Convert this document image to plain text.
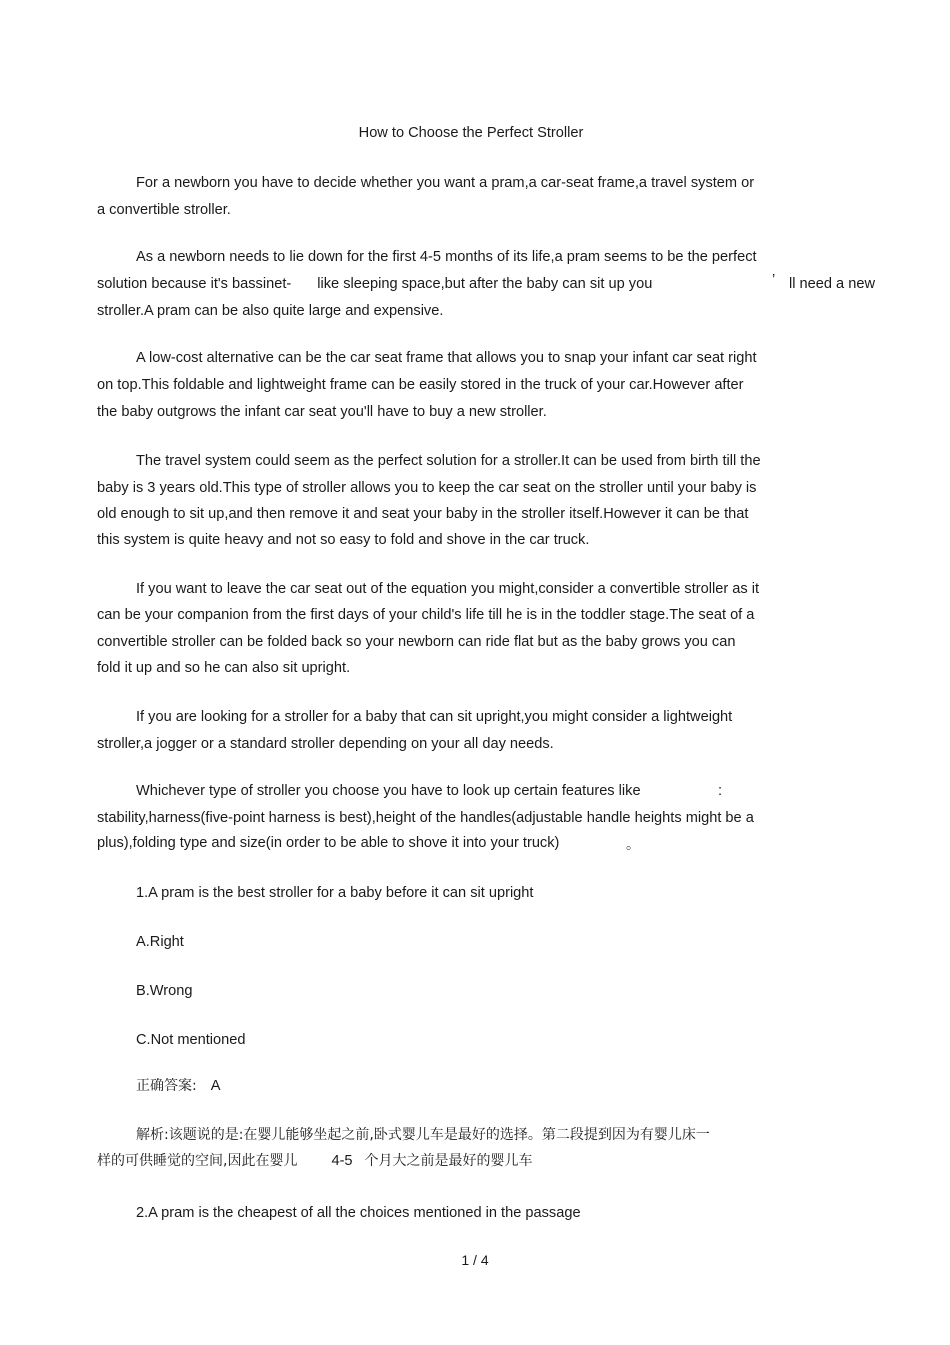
How to Choose the Perfect Stroller
For a newborn you have to decide whether you want a pram,a car-seat frame,a travel system or
a convertible stroller.
As a newborn needs to lie down for the first 4-5 months of its life,a pram seems to be the perfect
solution because it's bassinet- like sleeping space,but after the baby can sit up you	’ ll need a new
stroller.A pram can be also quite large and expensive.
A low-cost alternative can be the car seat frame that allows you to snap your infant car seat right
on top.This foldable and lightweight frame can be easily stored in the truck of your car.However after
the baby outgrows the infant car seat you'll have to buy a new stroller.
The travel system could seem as the perfect solution for a stroller.It can be used from birth till the
baby is 3 years old.This type of stroller allows you to keep the car seat on the stroller until your baby is
old enough to sit up,and then remove it and seat your baby in the stroller itself.However it can be that
this system is quite heavy and not so easy to fold and shove in the car truck.
If you want to leave the car seat out of the equation you might,consider a convertible stroller as it
can be your companion from the first days of your child's life till he is in the toddler stage.The seat of a
convertible stroller can be folded back so your newborn can ride flat but as the baby grows you can
fold it up and so he can also sit upright.
If you are looking for a stroller for a baby that can sit upright,you might consider a lightweight
stroller,a jogger or a standard stroller depending on your all day needs.
Whichever type of stroller you choose you have to look up certain features like	:
stability,harness(five-point harness is best),height of the handles(adjustable handle heights might be a
plus),folding type and size(in order to be able to shove it into your truck)	。
1.A pram is the best stroller for a baby before it can sit upright
A.Right
B.Wrong
C.Not mentioned
正确答案: A
解析:该题说的是:在婴儿能够坐起之前,卧式婴儿车是最好的选择。第二段提到因为有婴儿床一
样的可供睡觉的空间,因此在婴儿 4-5 个月大之前是最好的婴儿车
2.A pram is the cheapest of all the choices mentioned in the passage
1 / 4
